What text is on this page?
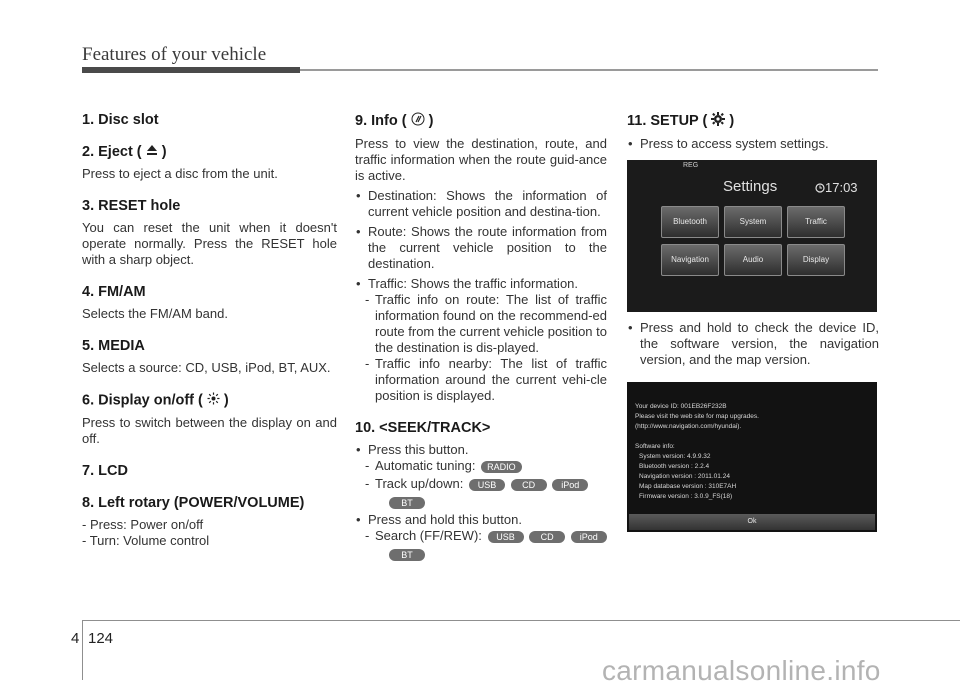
Features of your vehicle
1. Disc slot
2. Eject (  )

Press to eject a disc from the unit.

3. RESET hole

You can reset the unit when it doesn't operate normally. Press the RESET hole with a sharp object.

4. FM/AM

Selects the FM/AM band.

5. MEDIA

Selects a source: CD, USB, iPod, BT, AUX.

6. Display on/off (  )

Press to switch between the display on and off.

7. LCD
8. Left rotary (POWER/VOLUME)

- Press: Power on/off

- Turn: Volume control

9. Info (  )

Press to view the destination, route, and traffic information when the route guid-ance is active.

• Destination: Shows the information of current vehicle position and destina-tion.
• Route: Shows the route information from the current vehicle position to the destination.
• Traffic: Shows the traffic information.
- Traffic info on route: The list of traffic information found on the recommend-ed route from the current vehicle position to the destination is dis-played.
- Traffic info nearby: The list of traffic information around the current vehi-cle position is displayed.
10. <SEEK/TRACK>
• Press this button.
- Automatic tuning: RADIO
- Track up/down: USB	CD	iPod
BT
• Press and hold this button.
- Search (FF/REW): USB	CD	iPod
BT
11. SETUP (  )
• Press to access system settings.
REG
Settings	17:03
Bluetooth	System	Traffic
Navigation	Audio	Display
• Press and hold to check the device ID, the software version, the navigation version, and the map version.
Your device ID: 001EB26F232B
Please visit the web site for map upgrades.
(http://www.navigation.com/hyundai).
Software info:
System version: 4.9.9.32
Bluetooth version : 2.2.4
Navigation version : 2011.01.24
Map database version : 310E7AH
Firmware version : 3.0.9_FS(18)
Ok
4 124
carmanualsonline.info
